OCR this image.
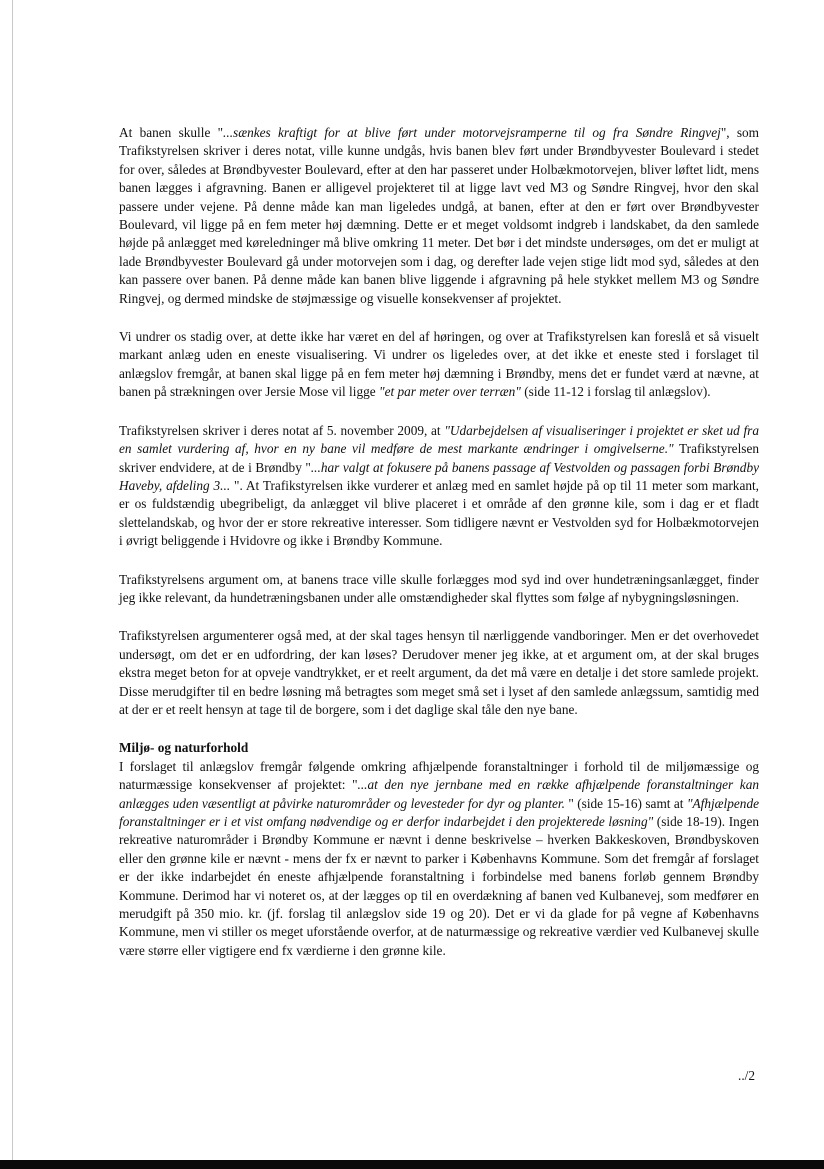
At banen skulle "...sænkes kraftigt for at blive ført under motorvejsramperne til og fra Søndre Ringvej", som Trafikstyrelsen skriver i deres notat, ville kunne undgås, hvis banen blev ført under Brøndbyvester Boulevard i stedet for over, således at Brøndbyvester Boulevard, efter at den har passeret under Holbækmotorvejen, bliver løftet lidt, mens banen lægges i afgravning. Banen er alligevel projekteret til at ligge lavt ved M3 og Søndre Ringvej, hvor den skal passere under vejene. På denne måde kan man ligeledes undgå, at banen, efter at den er ført over Brøndbyvester Boulevard, vil ligge på en fem meter høj dæmning. Dette er et meget voldsomt indgreb i landskabet, da den samlede højde på anlægget med køreledninger må blive omkring 11 meter. Det bør i det mindste undersøges, om det er muligt at lade Brøndbyvester Boulevard gå under motorvejen som i dag, og derefter lade vejen stige lidt mod syd, således at den kan passere over banen. På denne måde kan banen blive liggende i afgravning på hele stykket mellem M3 og Søndre Ringvej, og dermed mindske de støjmæssige og visuelle konsekvenser af projektet.

Vi undrer os stadig over, at dette ikke har været en del af høringen, og over at Trafikstyrelsen kan foreslå et så visuelt markant anlæg uden en eneste visualisering. Vi undrer os ligeledes over, at det ikke et eneste sted i forslaget til anlægslov fremgår, at banen skal ligge på en fem meter høj dæmning i Brøndby, mens det er fundet værd at nævne, at banen på strækningen over Jersie Mose vil ligge "et par meter over terræn" (side 11-12 i forslag til anlægslov).

Trafikstyrelsen skriver i deres notat af 5. november 2009, at "Udarbejdelsen af visualiseringer i projektet er sket ud fra en samlet vurdering af, hvor en ny bane vil medføre de mest markante ændringer i omgivelserne." Trafikstyrelsen skriver endvidere, at de i Brøndby "...har valgt at fokusere på banens passage af Vestvolden og passagen forbi Brøndby Haveby, afdeling 3... ". At Trafikstyrelsen ikke vurderer et anlæg med en samlet højde på op til 11 meter som markant, er os fuldstændig ubegribeligt, da anlægget vil blive placeret i et område af den grønne kile, som i dag er et fladt slettelandskab, og hvor der er store rekreative interesser. Som tidligere nævnt er Vestvolden syd for Holbækmotorvejen i øvrigt beliggende i Hvidovre og ikke i Brøndby Kommune.

Trafikstyrelsens argument om, at banens trace ville skulle forlægges mod syd ind over hundetræningsanlægget, finder jeg ikke relevant, da hundetræningsbanen under alle omstændigheder skal flyttes som følge af nybygningsløsningen.

Trafikstyrelsen argumenterer også med, at der skal tages hensyn til nærliggende vandboringer. Men er det overhovedet undersøgt, om det er en udfordring, der kan løses? Derudover mener jeg ikke, at et argument om, at der skal bruges ekstra meget beton for at opveje vandtrykket, er et reelt argument, da det må være en detalje i det store samlede projekt. Disse merudgifter til en bedre løsning må betragtes som meget små set i lyset af den samlede anlægssum, samtidig med at der er et reelt hensyn at tage til de borgere, som i det daglige skal tåle den nye bane.

Miljø- og naturforhold

I forslaget til anlægslov fremgår følgende omkring afhjælpende foranstaltninger i forhold til de miljømæssige og naturmæssige konsekvenser af projektet: "...at den nye jernbane med en række afhjælpende foranstaltninger kan anlægges uden væsentligt at påvirke naturområder og levesteder for dyr og planter. " (side 15-16) samt at "Afhjælpende foranstaltninger er i et vist omfang nødvendige og er derfor indarbejdet i den projekterede løsning" (side 18-19). Ingen rekreative naturområder i Brøndby Kommune er nævnt i denne beskrivelse – hverken Bakkeskoven, Brøndbyskoven eller den grønne kile er nævnt - mens der fx er nævnt to parker i Københavns Kommune. Som det fremgår af forslaget er der ikke indarbejdet én eneste afhjælpende foranstaltning i forbindelse med banens forløb gennem Brøndby Kommune. Derimod har vi noteret os, at der lægges op til en overdækning af banen ved Kulbanevej, som medfører en merudgift på 350 mio. kr. (jf. forslag til anlægslov side 19 og 20). Det er vi da glade for på vegne af Københavns Kommune, men vi stiller os meget uforstående overfor, at de naturmæssige og rekreative værdier ved Kulbanevej skulle være større eller vigtigere end fx værdierne i den grønne kile.

../2
